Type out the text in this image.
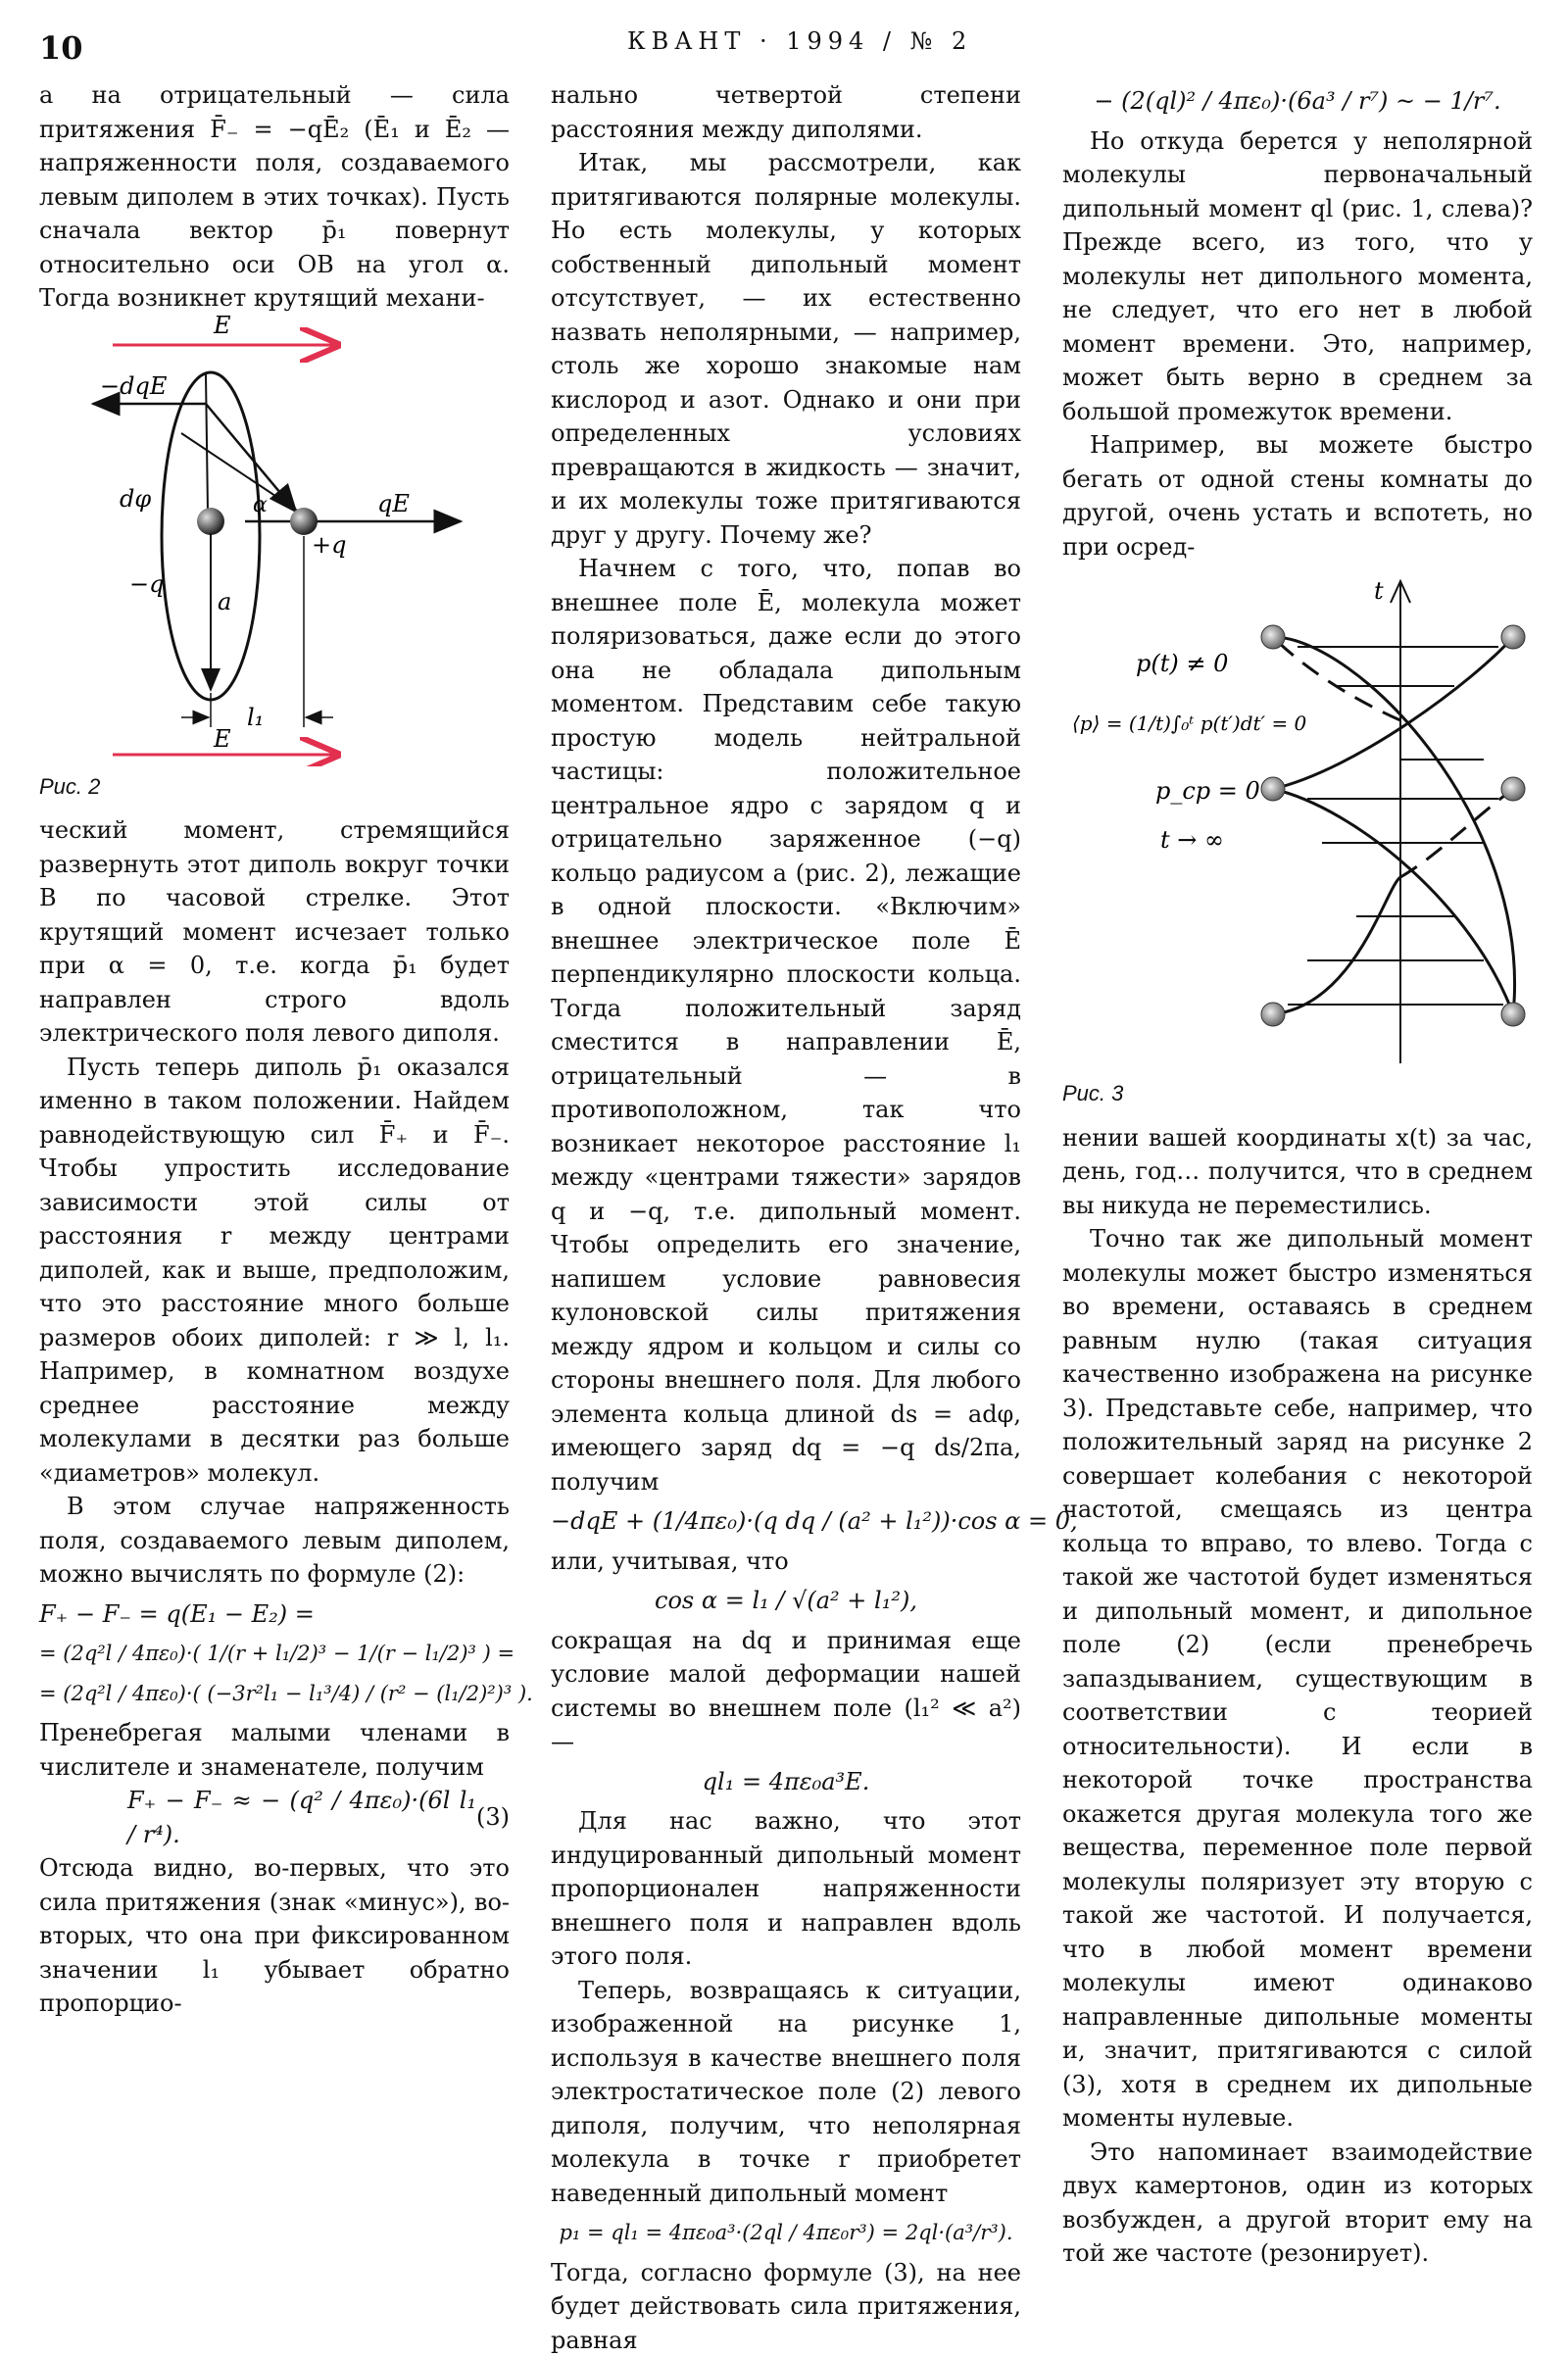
10	КВАНТ · 1994 / № 2

а на отрицательный — сила притяжения F̄₋ = −qĒ₂ (Ē₁ и Ē₂ — напряженности поля, создаваемого левым диполем в этих точках). Пусть сначала вектор p̄₁ повернут относительно оси OB на угол α. Тогда возникнет крутящий механи-

E
−dqE
qE
dφ	α
+q
−q
a
l₁
E
Рис. 2

ческий момент, стремящийся развернуть этот диполь вокруг точки B по часовой стрелке. Этот крутящий момент исчезает только при α = 0, т.е. когда p̄₁ будет направлен строго вдоль электрического поля левого диполя.

Пусть теперь диполь p̄₁ оказался именно в таком положении. Найдем равнодействующую сил F̄₊ и F̄₋. Чтобы упростить исследование зависимости этой силы от расстояния r между центрами диполей, как и выше, предположим, что это расстояние много больше размеров обоих диполей: r ≫ l, l₁. Например, в комнатном воздухе среднее расстояние между молекулами в десятки раз больше «диаметров» молекул.

В этом случае напряженность поля, создаваемого левым диполем, можно вычислять по формуле (2):

F₊ − F₋ = q(E₁ − E₂) =
= (2q²l / 4πε₀)·( 1/(r + l₁/2)³ − 1/(r − l₁/2)³ ) =
= (2q²l / 4πε₀)·( (−3r²l₁ − l₁³/4) / (r² − (l₁/2)²)³ ).

Пренебрегая малыми членами в числителе и знаменателе, получим

F₊ − F₋ ≈ − (q² / 4πε₀)·(6l l₁ / r⁴).
(3)

Отсюда видно, во-первых, что это сила притяжения (знак «минус»), во-вторых, что она при фиксированном значении l₁ убывает обратно пропорцио-

нально четвертой степени расстояния между диполями.

Итак, мы рассмотрели, как притягиваются полярные молекулы. Но есть молекулы, у которых собственный дипольный момент отсутствует, — их естественно назвать неполярными, — например, столь же хорошо знакомые нам кислород и азот. Однако и они при определенных условиях превращаются в жидкость — значит, и их молекулы тоже притягиваются друг у другу. Почему же?

Начнем с того, что, попав во внешнее поле Ē, молекула может поляризоваться, даже если до этого она не обладала дипольным моментом. Представим себе такую простую модель нейтральной частицы: положительное центральное ядро с зарядом q и отрицательно заряженное (−q) кольцо радиусом a (рис. 2), лежащие в одной плоскости. «Включим» внешнее электрическое поле Ē перпендикулярно плоскости кольца. Тогда положительный заряд сместится в направлении Ē, отрицательный — в противоположном, так что возникает некоторое расстояние l₁ между «центрами тяжести» зарядов q и −q, т.е. дипольный момент. Чтобы определить его значение, напишем условие равновесия кулоновской силы притяжения между ядром и кольцом и силы со стороны внешнего поля. Для любого элемента кольца длиной ds = adφ, имеющего заряд dq = −q ds/2πa, получим

−dqE + (1/4πε₀)·(q dq / (a² + l₁²))·cos α = 0,

или, учитывая, что

cos α = l₁ / √(a² + l₁²),

сокращая на dq и принимая еще условие малой деформации нашей системы во внешнем поле (l₁² ≪ a²) —

ql₁ = 4πε₀a³E.

Для нас важно, что этот индуцированный дипольный момент пропорционален напряженности внешнего поля и направлен вдоль этого поля.

Теперь, возвращаясь к ситуации, изображенной на рисунке 1, используя в качестве внешнего поля электростатическое поле (2) левого диполя, получим, что неполярная молекула в точке r приобретет наведенный дипольный момент

p₁ = ql₁ = 4πε₀a³·(2ql / 4πε₀r³) = 2ql·(a³/r³).

Тогда, согласно формуле (3), на нее будет действовать сила притяжения, равная

− (2(ql)² / 4πε₀)·(6a³ / r⁷) ~ − 1/r⁷.

Но откуда берется у неполярной молекулы первоначальный дипольный момент ql (рис. 1, слева)? Прежде всего, из того, что у молекулы нет дипольного момента, не следует, что его нет в любой момент времени. Это, например, может быть верно в среднем за большой промежуток времени.

Например, вы можете быстро бегать от одной стены комнаты до другой, очень устать и вспотеть, но при осред-

t
p(t) ≠ 0
⟨p⟩ = (1/t)∫₀ᵗ p(t′)dt′ = 0
p_ср = 0
t → ∞
Рис. 3

нении вашей координаты x(t) за час, день, год… получится, что в среднем вы никуда не переместились.

Точно так же дипольный момент молекулы может быстро изменяться во времени, оставаясь в среднем равным нулю (такая ситуация качественно изображена на рисунке 3). Представьте себе, например, что положительный заряд на рисунке 2 совершает колебания с некоторой частотой, смещаясь из центра кольца то вправо, то влево. Тогда с такой же частотой будет изменяться и дипольный момент, и дипольное поле (2) (если пренебречь запаздыванием, существующим в соответствии с теорией относительности). И если в некоторой точке пространства окажется другая молекула того же вещества, переменное поле первой молекулы поляризует эту вторую с такой же частотой. И получается, что в любой момент времени молекулы имеют одинаково направленные дипольные моменты и, значит, притягиваются с силой (3), хотя в среднем их дипольные моменты нулевые.

Это напоминает взаимодействие двух камертонов, один из которых возбужден, а другой вторит ему на той же частоте (резонирует).
